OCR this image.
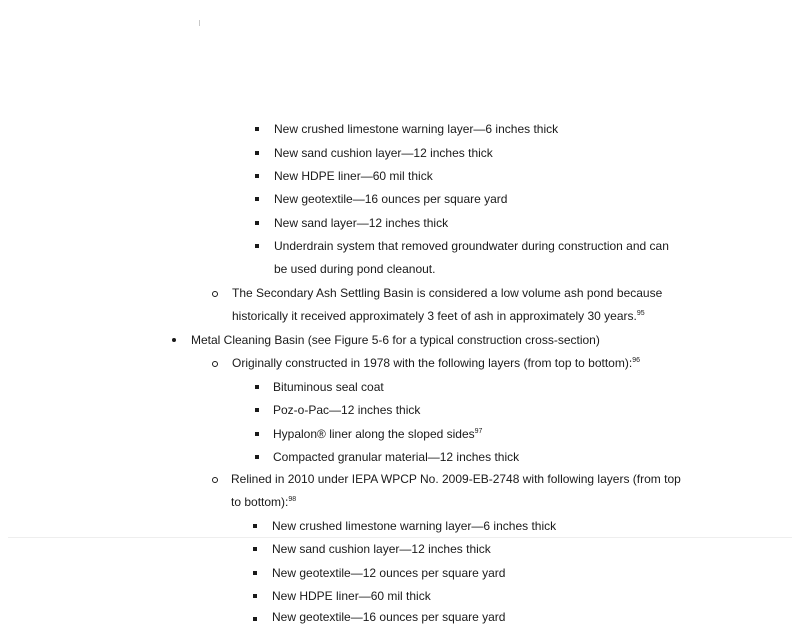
New crushed limestone warning layer—6 inches thick
New sand cushion layer—12 inches thick
New HDPE liner—60 mil thick
New geotextile—16 ounces per square yard
New sand layer—12 inches thick
Underdrain system that removed groundwater during construction and can
be used during pond cleanout.
The Secondary Ash Settling Basin is considered a low volume ash pond because
historically it received approximately 3 feet of ash in approximately 30 years.$^{95}$
Metal Cleaning Basin (see Figure 5-6 for a typical construction cross-section)
Originally constructed in 1978 with the following layers (from top to bottom):$^{96}$
Bituminous seal coat
Poz-o-Pac—12 inches thick
Hypalon® liner along the sloped sides$^{97}$
Compacted granular material—12 inches thick
Relined in 2010 under IEPA WPCP No. 2009-EB-2748 with following layers (from top
to bottom):$^{98}$
New crushed limestone warning layer—6 inches thick
New sand cushion layer—12 inches thick
New geotextile—12 ounces per square yard
New HDPE liner—60 mil thick
New geotextile—16 ounces per square yard
